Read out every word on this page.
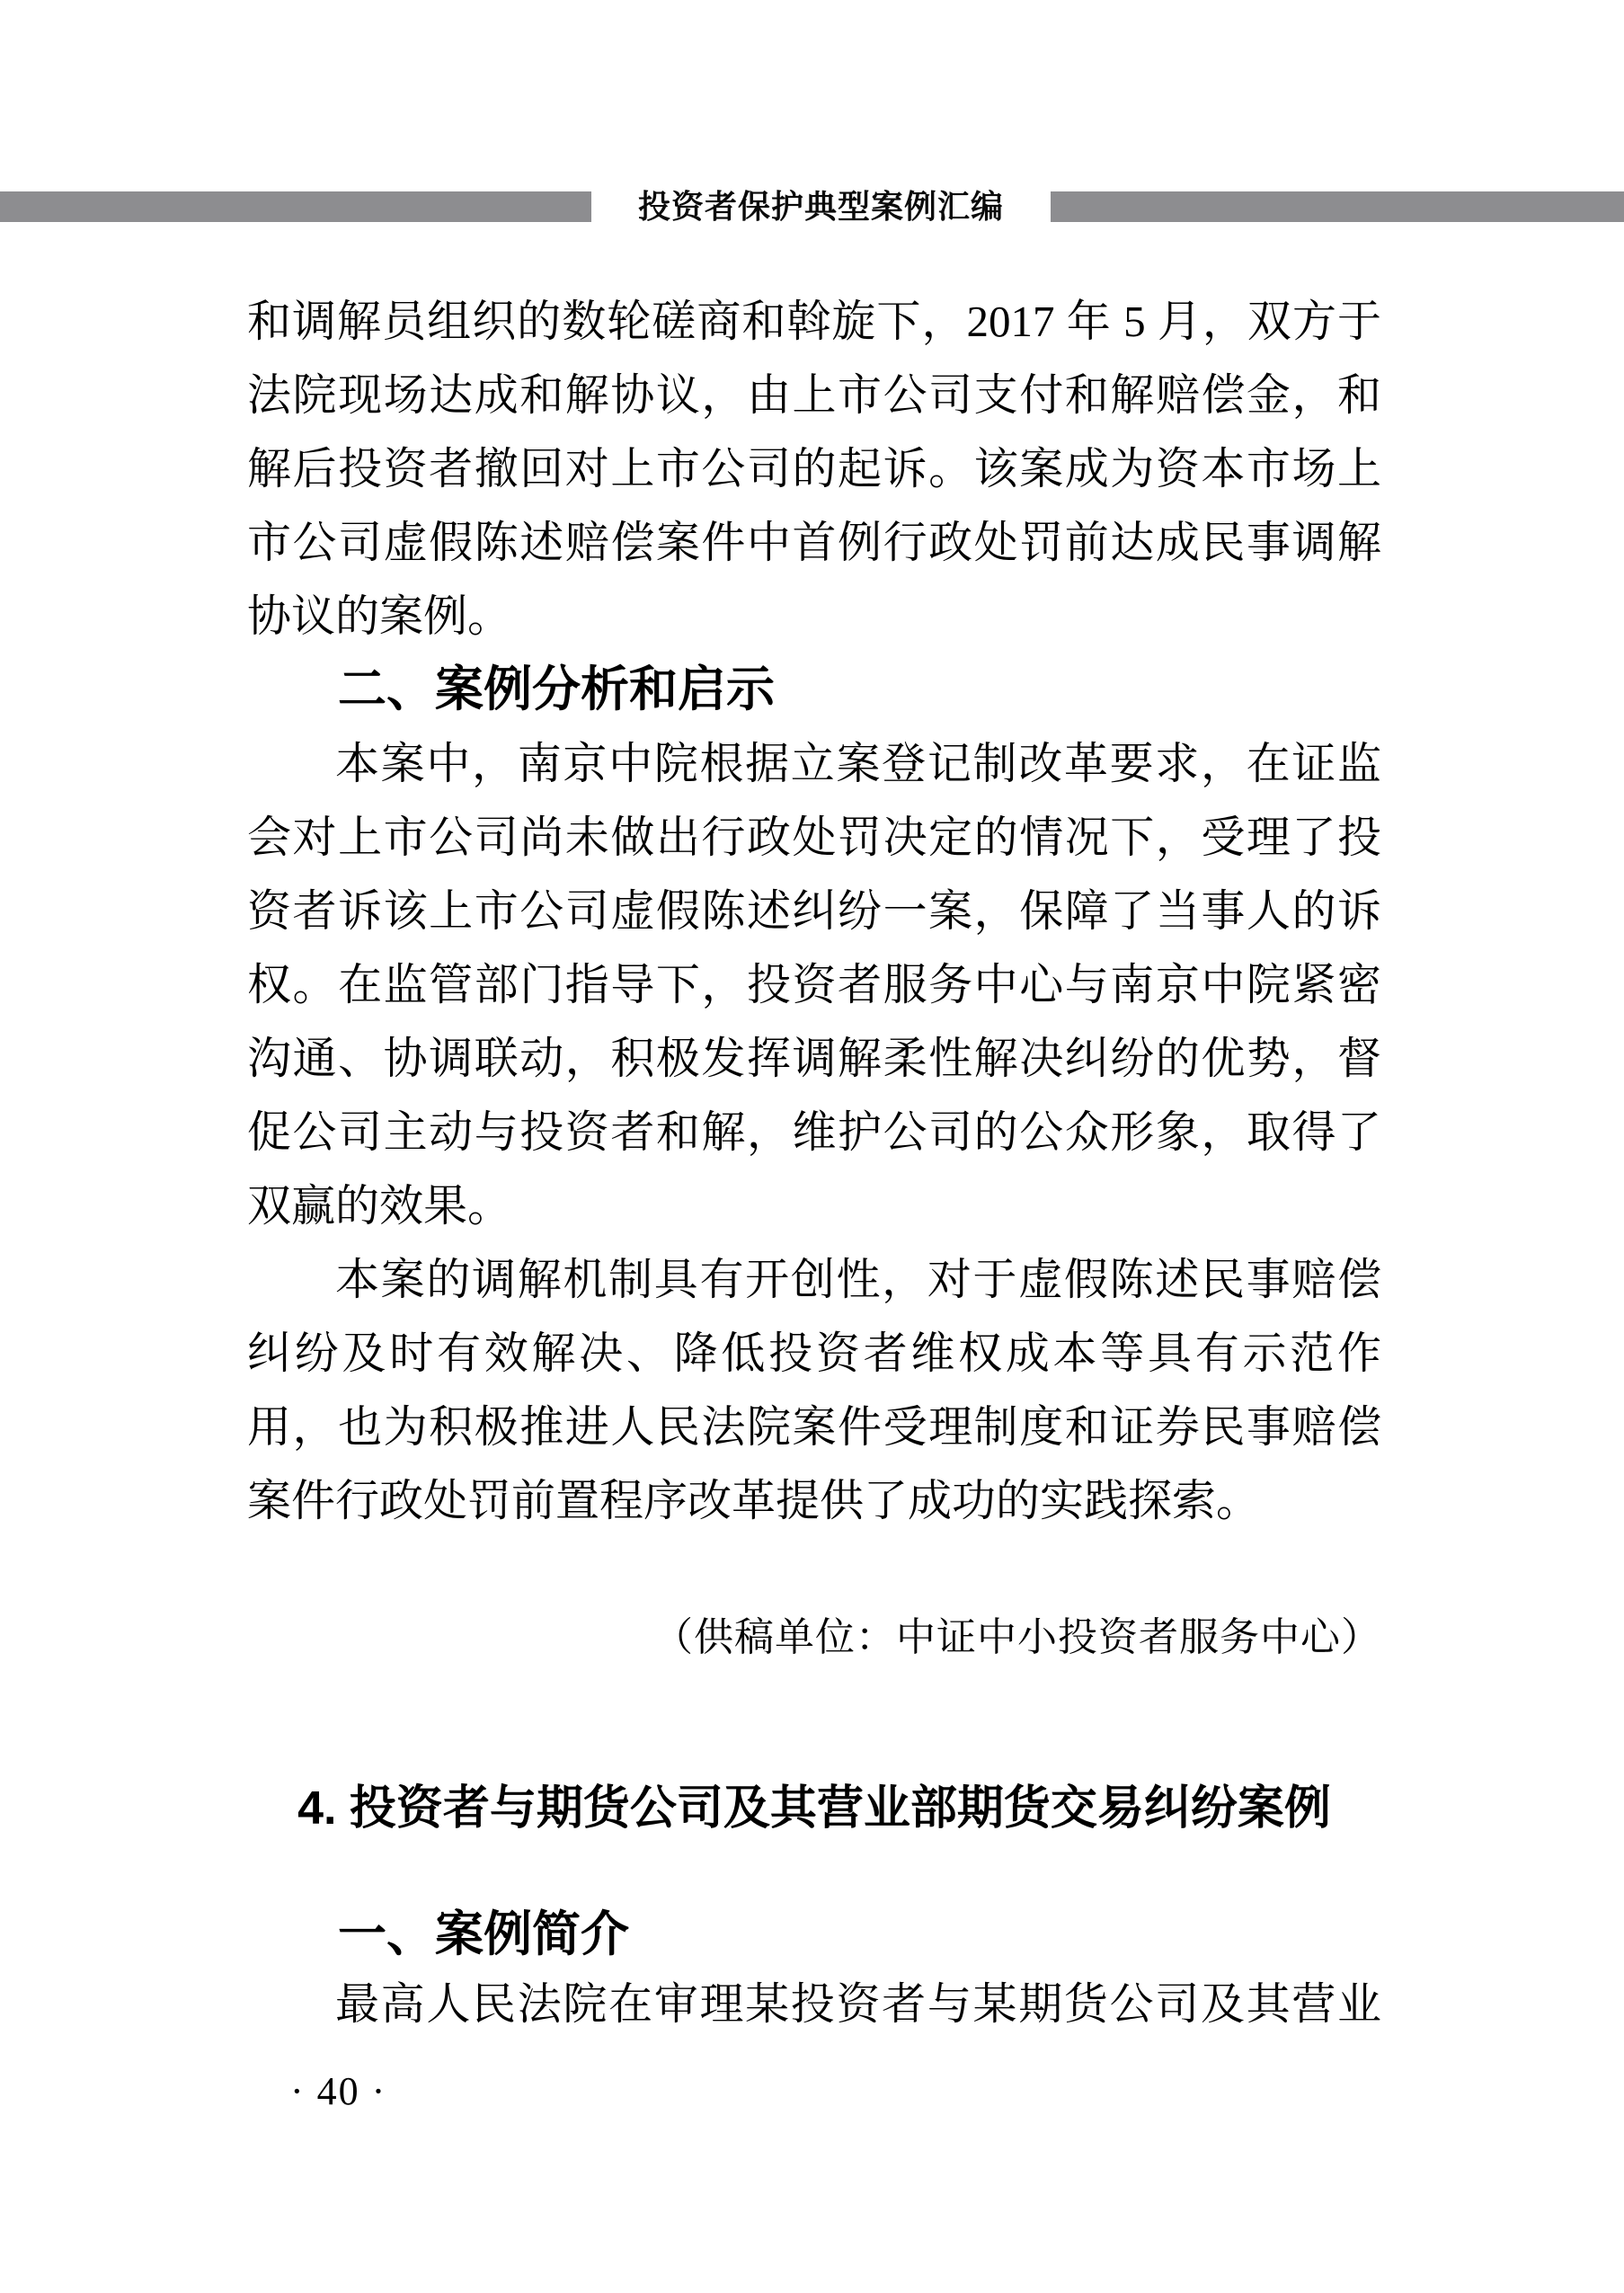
投资者保护典型案例汇编
和调解员组织的数轮磋商和斡旋下，2017 年 5 月，双方于
法院现场达成和解协议，由上市公司支付和解赔偿金，和
解后投资者撤回对上市公司的起诉。该案成为资本市场上
市公司虚假陈述赔偿案件中首例行政处罚前达成民事调解
协议的案例。
二、案例分析和启示
本案中，南京中院根据立案登记制改革要求，在证监
会对上市公司尚未做出行政处罚决定的情况下，受理了投
资者诉该上市公司虚假陈述纠纷一案，保障了当事人的诉
权。在监管部门指导下，投资者服务中心与南京中院紧密
沟通、协调联动，积极发挥调解柔性解决纠纷的优势，督
促公司主动与投资者和解，维护公司的公众形象，取得了
双赢的效果。
本案的调解机制具有开创性，对于虚假陈述民事赔偿
纠纷及时有效解决、降低投资者维权成本等具有示范作
用，也为积极推进人民法院案件受理制度和证券民事赔偿
案件行政处罚前置程序改革提供了成功的实践探索。
（供稿单位：中证中小投资者服务中心）
4. 投资者与期货公司及其营业部期货交易纠纷案例
一、案例简介
最高人民法院在审理某投资者与某期货公司及其营业
· 40 ·
